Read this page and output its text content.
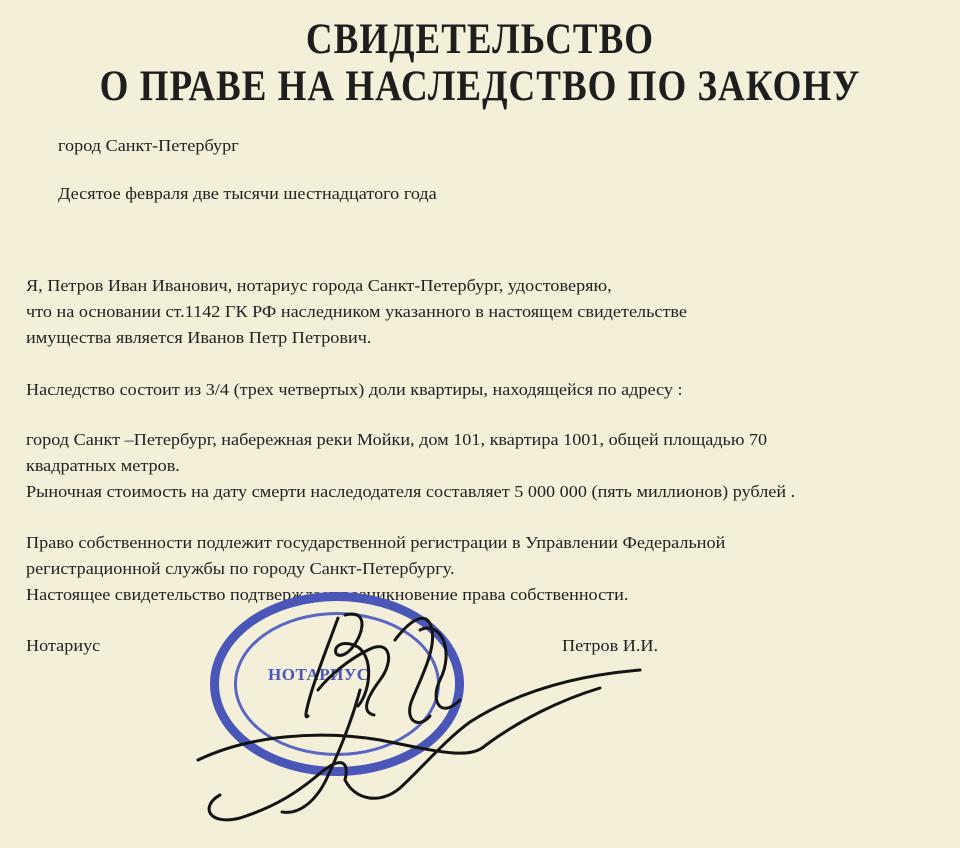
СВИДЕТЕЛЬСТВО
О ПРАВЕ НА НАСЛЕДСТВО ПО ЗАКОНУ
город Санкт-Петербург
Десятое февраля две тысячи шестнадцатого года
Я, Петров Иван Иванович, нотариус города Санкт-Петербург, удостоверяю,
что на основании ст.1142 ГК РФ наследником указанного в настоящем свидетельстве
имущества является Иванов Петр Петрович.
Наследство состоит из 3/4 (трех четвертых) доли квартиры, находящейся по адресу :
город Санкт –Петербург, набережная реки Мойки, дом 101, квартира 1001, общей площадью 70
квадратных метров.
Рыночная стоимость на дату смерти наследодателя составляет 5 000 000 (пять миллионов) рублей .
Право собственности подлежит государственной регистрации в Управлении Федеральной
регистрационной службы по городу Санкт-Петербургу.
Настоящее свидетельство подтверждает возникновение права собственности.
Нотариус	Петров И.И.
НОТАРИУС
